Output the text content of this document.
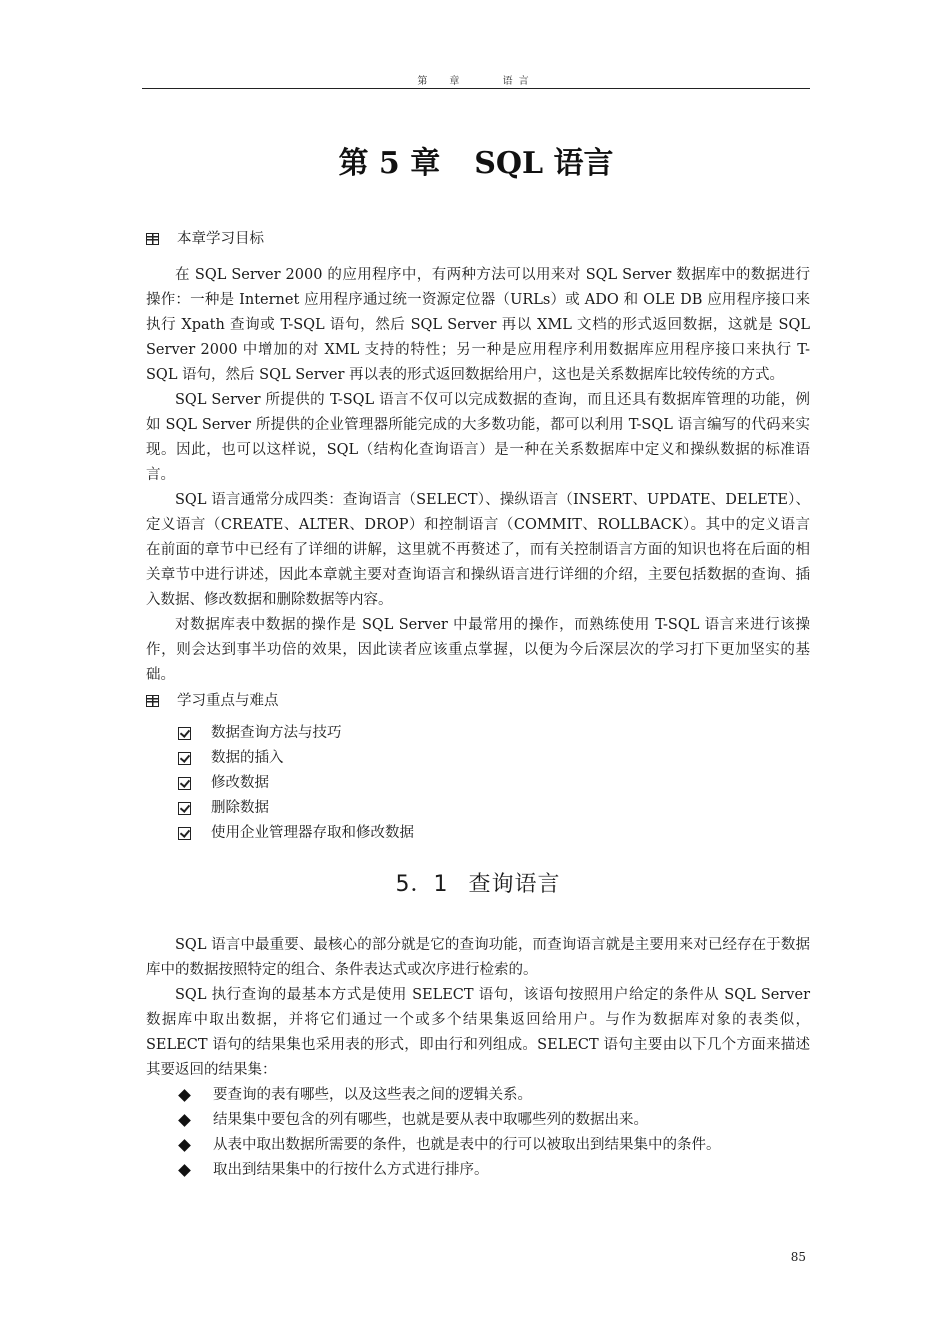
第　章	语言
第 5 章 SQL 语言
本章学习目标

在 SQL Server 2000 的应用程序中，有两种方法可以用来对 SQL Server 数据库中的数据进行操作：一种是 Internet 应用程序通过统一资源定位器（URLs）或 ADO 和 OLE DB 应用程序接口来执行 Xpath 查询或 T-SQL 语句，然后 SQL Server 再以 XML 文档的形式返回数据，这就是 SQL Server 2000 中增加的对 XML 支持的特性；另一种是应用程序利用数据库应用程序接口来执行 T-SQL 语句，然后 SQL Server 再以表的形式返回数据给用户，这也是关系数据库比较传统的方式。

SQL Server 所提供的 T-SQL 语言不仅可以完成数据的查询，而且还具有数据库管理的功能，例如 SQL Server 所提供的企业管理器所能完成的大多数功能，都可以利用 T-SQL 语言编写的代码来实现。因此，也可以这样说，SQL（结构化查询语言）是一种在关系数据库中定义和操纵数据的标准语言。

SQL 语言通常分成四类：查询语言（SELECT）、操纵语言（INSERT、UPDATE、DELETE）、定义语言（CREATE、ALTER、DROP）和控制语言（COMMIT、ROLLBACK）。其中的定义语言在前面的章节中已经有了详细的讲解，这里就不再赘述了，而有关控制语言方面的知识也将在后面的相关章节中进行讲述，因此本章就主要对查询语言和操纵语言进行详细的介绍，主要包括数据的查询、插入数据、修改数据和删除数据等内容。

对数据库表中数据的操作是 SQL Server 中最常用的操作，而熟练使用 T-SQL 语言来进行该操作，则会达到事半功倍的效果，因此读者应该重点掌握，以便为今后深层次的学习打下更加坚实的基础。

学习重点与难点
数据查询方法与技巧
数据的插入
修改数据
删除数据
使用企业管理器存取和修改数据
5．1 查询语言

SQL 语言中最重要、最核心的部分就是它的查询功能，而查询语言就是主要用来对已经存在于数据库中的数据按照特定的组合、条件表达式或次序进行检索的。

SQL 执行查询的最基本方式是使用 SELECT 语句，该语句按照用户给定的条件从 SQL Server 数据库中取出数据，并将它们通过一个或多个结果集返回给用户。与作为数据库对象的表类似，SELECT 语句的结果集也采用表的形式，即由行和列组成。SELECT 语句主要由以下几个方面来描述其要返回的结果集：

要查询的表有哪些，以及这些表之间的逻辑关系。
结果集中要包含的列有哪些，也就是要从表中取哪些列的数据出来。
从表中取出数据所需要的条件，也就是表中的行可以被取出到结果集中的条件。
取出到结果集中的行按什么方式进行排序。
85
